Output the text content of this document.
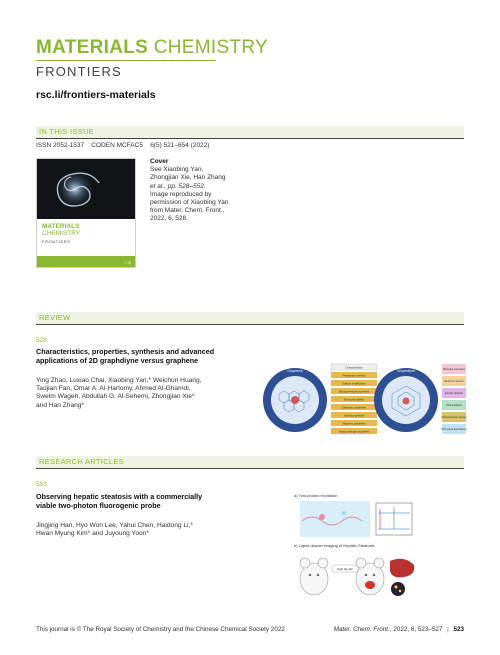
MATERIALS CHEMISTRY
FRONTIERS
rsc.li/frontiers-materials
IN THIS ISSUE
ISSN 2052-1537 CODEN MCFAC5 6(5) 521–654 (2022)
MATERIALS
CHEMISTRY
FRONTIERS
◐ ◎
Cover
See Xiaobing Yan,
Zhongjian Xie, Han Zhang
et al., pp. 528–552.
Image reproduced by
permission of Xiaobing Yan
from Mater. Chem. Front.,
2022, 6, 528.
REVIEW
528
Characteristics, properties, synthesis and advanced
applications of 2D graphdiyne versus graphene
Ying Zhao, Luxiao Chai, Xiaobing Yan,* Weichun Huang,
Taojian Fan, Omar A. Al-Hartomy, Ahmed Al-Ghamdi,
Swelm Wageh, Abdullah G. Al-Sehemi, Zhongjian Xie*
and Han Zhang*
Graphene
Characteristics
Preparation method
Surface modification
Electrochemical properties
Structural stability
Electronic properties
Optical properties
Magnetic properties
Energy storage properties
Graphdiyne	Molecular adsorption
Electronic devices
Electric catalysis
Photocatalysis
Photoelectronic devices
Biomedical applications
RESEARCH ARTICLES
553
Observing hepatic steatosis with a commercially
viable two-photon fluorogenic probe
Jingjing Han, Hyo Won Lee, Yahui Chen, Haidong Li,*
Hwan Myung Kim* and Juyoung Yoon*
a) Two-photon excitation
b) Liquid droplet imaging of Hepatic Steatosis
High fat diet
This journal is © The Royal Society of Chemistry and the Chinese Chemical Society 2022	Mater. Chem. Front., 2022, 6, 523–527 | 523
